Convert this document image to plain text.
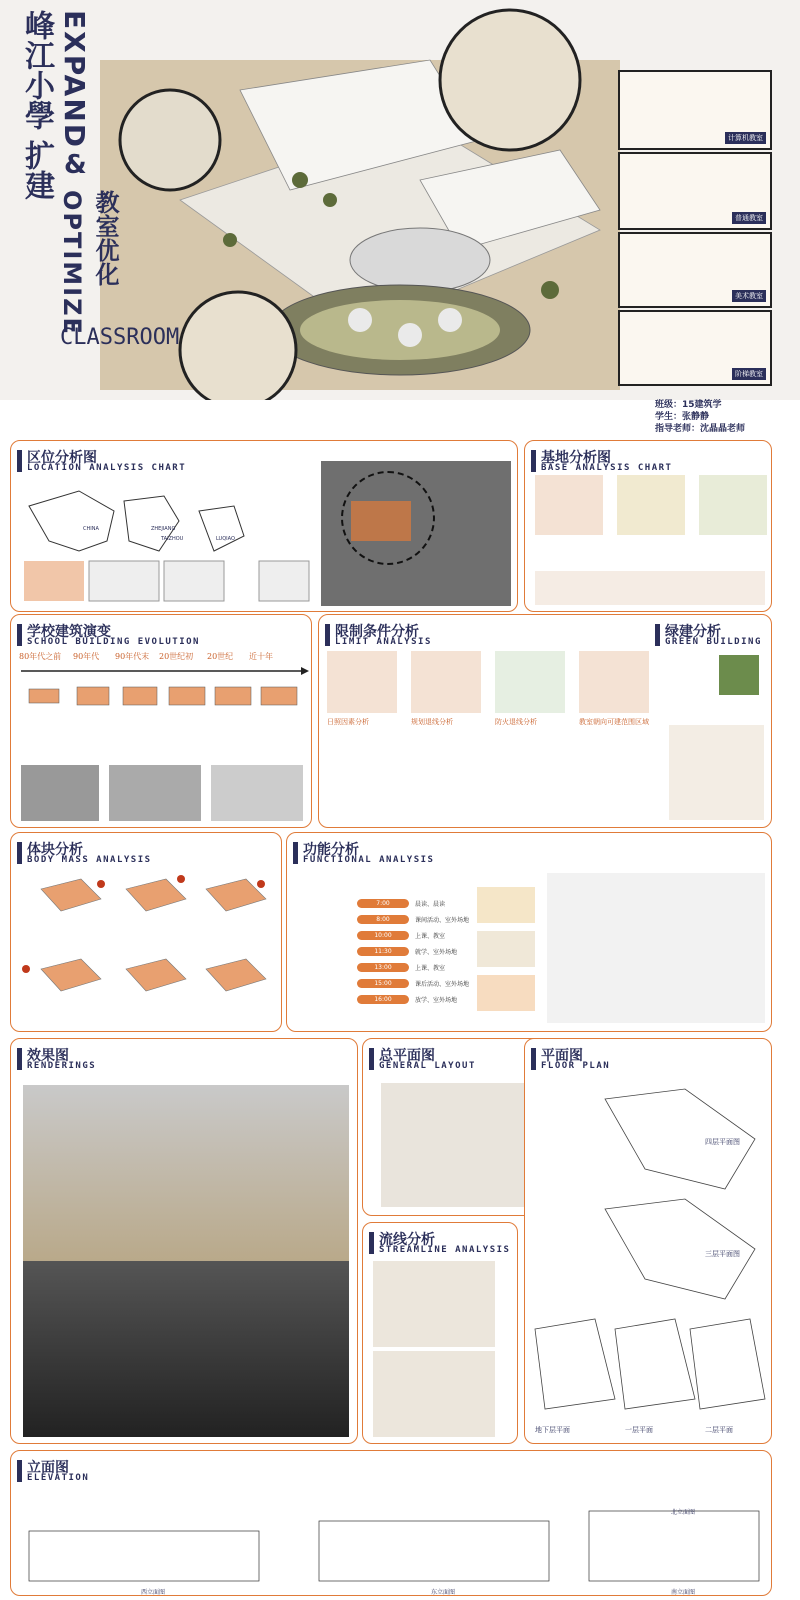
峰江小學
扩建
EXPAND
&
OPTIMIZE 教室优化
CLASSROOM
计算机教室
普通教室
美术教室
阶梯教室
班级：15建筑学
学生：张静静
指导老师：沈晶晶老师
区位分析图
LOCATION ANALYSIS CHART
CHINA	ZHEJIANG
TAIZHOU	LUQIAO
基地分析图
BASE ANALYSIS CHART
学校建筑演变
SCHOOL BUILDING EVOLUTION
80年代之前 90年代 90年代末 20世纪初 20世纪 近十年
限制条件分析
LIMIT ANALYSIS
日照因素分析	规划退线分析	防火退线分析	教室朝向可建范围区域
绿建分析
GREEN BUILDING
体块分析
BODY MASS ANALYSIS
功能分析
FUNCTIONAL ANALYSIS
7:00	晨读、晨读
8:00	课间活动、室外场地
10:00	上课、教室
11:30	就学、室外场地
13:00	上课、教室
15:00	课后活动、室外场地
16:00	放学、室外场地
效果图
RENDERINGS
总平面图
GENERAL LAYOUT
流线分析
STREAMLINE ANALYSIS
平面图
FLOOR PLAN
四层平面图
三层平面图
地下层平面	一层平面	二层平面
立面图
ELEVATION
西立面图	东立面图	南立面图
北立面图
